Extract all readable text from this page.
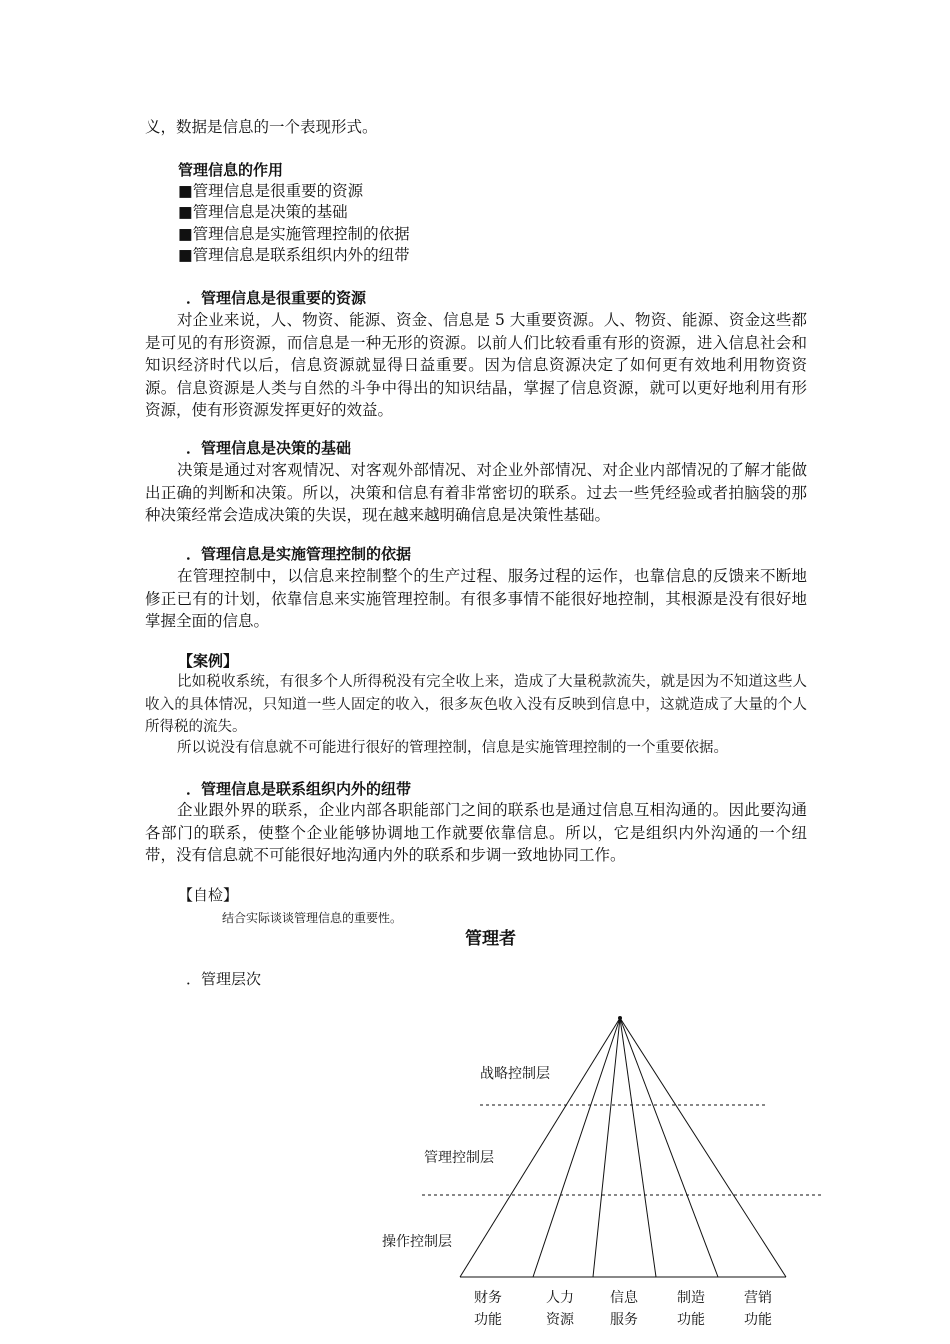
义，数据是信息的一个表现形式。

管理信息的作用

■管理信息是很重要的资源

■管理信息是决策的基础

■管理信息是实施管理控制的依据

■管理信息是联系组织内外的纽带

．管理信息是很重要的资源

对企业来说，人、物资、能源、资金、信息是 5 大重要资源。人、物资、能源、资金这些都是可见的有形资源，而信息是一种无形的资源。以前人们比较看重有形的资源，进入信息社会和知识经济时代以后，信息资源就显得日益重要。因为信息资源决定了如何更有效地利用物资资源。信息资源是人类与自然的斗争中得出的知识结晶，掌握了信息资源，就可以更好地利用有形资源，使有形资源发挥更好的效益。

．管理信息是决策的基础

决策是通过对客观情况、对客观外部情况、对企业外部情况、对企业内部情况的了解才能做出正确的判断和决策。所以，决策和信息有着非常密切的联系。过去一些凭经验或者拍脑袋的那种决策经常会造成决策的失误，现在越来越明确信息是决策性基础。

．管理信息是实施管理控制的依据

在管理控制中，以信息来控制整个的生产过程、服务过程的运作，也靠信息的反馈来不断地修正已有的计划，依靠信息来实施管理控制。有很多事情不能很好地控制，其根源是没有很好地掌握全面的信息。

【案例】

比如税收系统，有很多个人所得税没有完全收上来，造成了大量税款流失，就是因为不知道这些人收入的具体情况，只知道一些人固定的收入，很多灰色收入没有反映到信息中，这就造成了大量的个人所得税的流失。

所以说没有信息就不可能进行很好的管理控制，信息是实施管理控制的一个重要依据。

．管理信息是联系组织内外的纽带

企业跟外界的联系，企业内部各职能部门之间的联系也是通过信息互相沟通的。因此要沟通各部门的联系，使整个企业能够协调地工作就要依靠信息。所以，它是组织内外沟通的一个纽带，没有信息就不可能很好地沟通内外的联系和步调一致地协同工作。

【自检】

结合实际谈谈管理信息的重要性。

管理者

．管理层次

战略控制层
管理控制层
操作控制层
财务
功能
人力
资源
信息
服务
制造
功能
营销
功能
